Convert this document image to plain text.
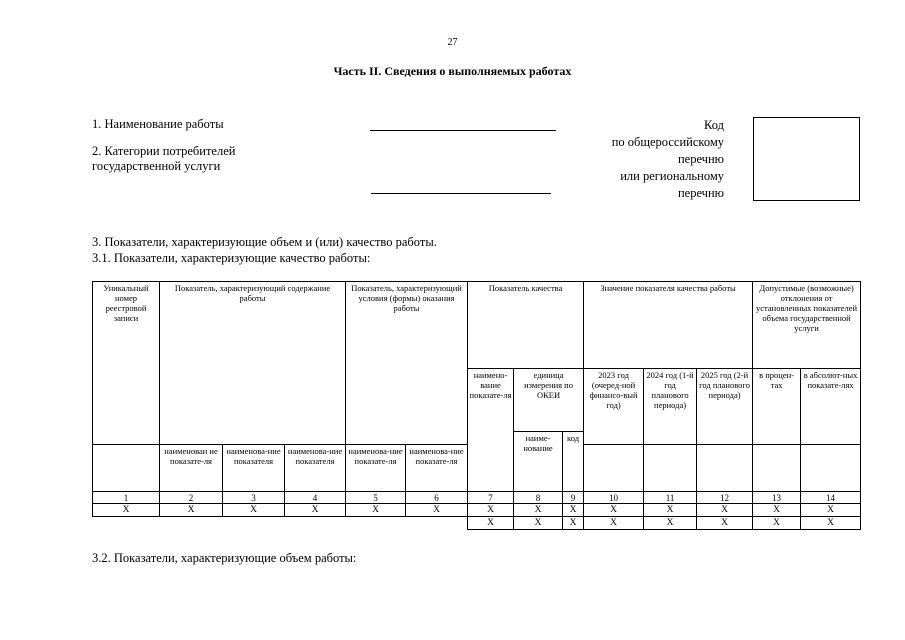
27
Часть II. Сведения о выполняемых работах
1. Наименование работы
2. Категории потребителей
государственной услуги
Код
по общероссийскому
перечню
или региональному
перечню
3. Показатели, характеризующие объем и (или) качество работы.
3.1. Показатели, характеризующие качество работы:
Уникальный номер реестровой записи	Показатель, характеризующий содержание работы			Показатель, характеризующий условия (формы) оказания работы		Показатель качества			Значение показателя качества работы			Допустимые (возможные) отклонения от установленных показателей объема государственной услуги	
						наимено-вание показате-ля	единица измерения по ОКЕИ		2023 год (очеред-ной финансо-вый год)	2024 год (1-й год планового периода)	2025 год (2-й год планового периода)	в процен-тах	в абсолют-ных показате-лях
							наиме-нование	код					
	наименован ие показате-ля	наименова-ние показателя	наименова-ние показателя	наименова-ние показате-ля	наименова-ние показате-ля								
1	2	3	4	5	6	7	8	9	10	11	12	13	14
X	X	X	X	X	X	X	X	X	X	X	X	X	X
						X	X	X	X	X	X	X	X
3.2. Показатели, характеризующие объем работы:
